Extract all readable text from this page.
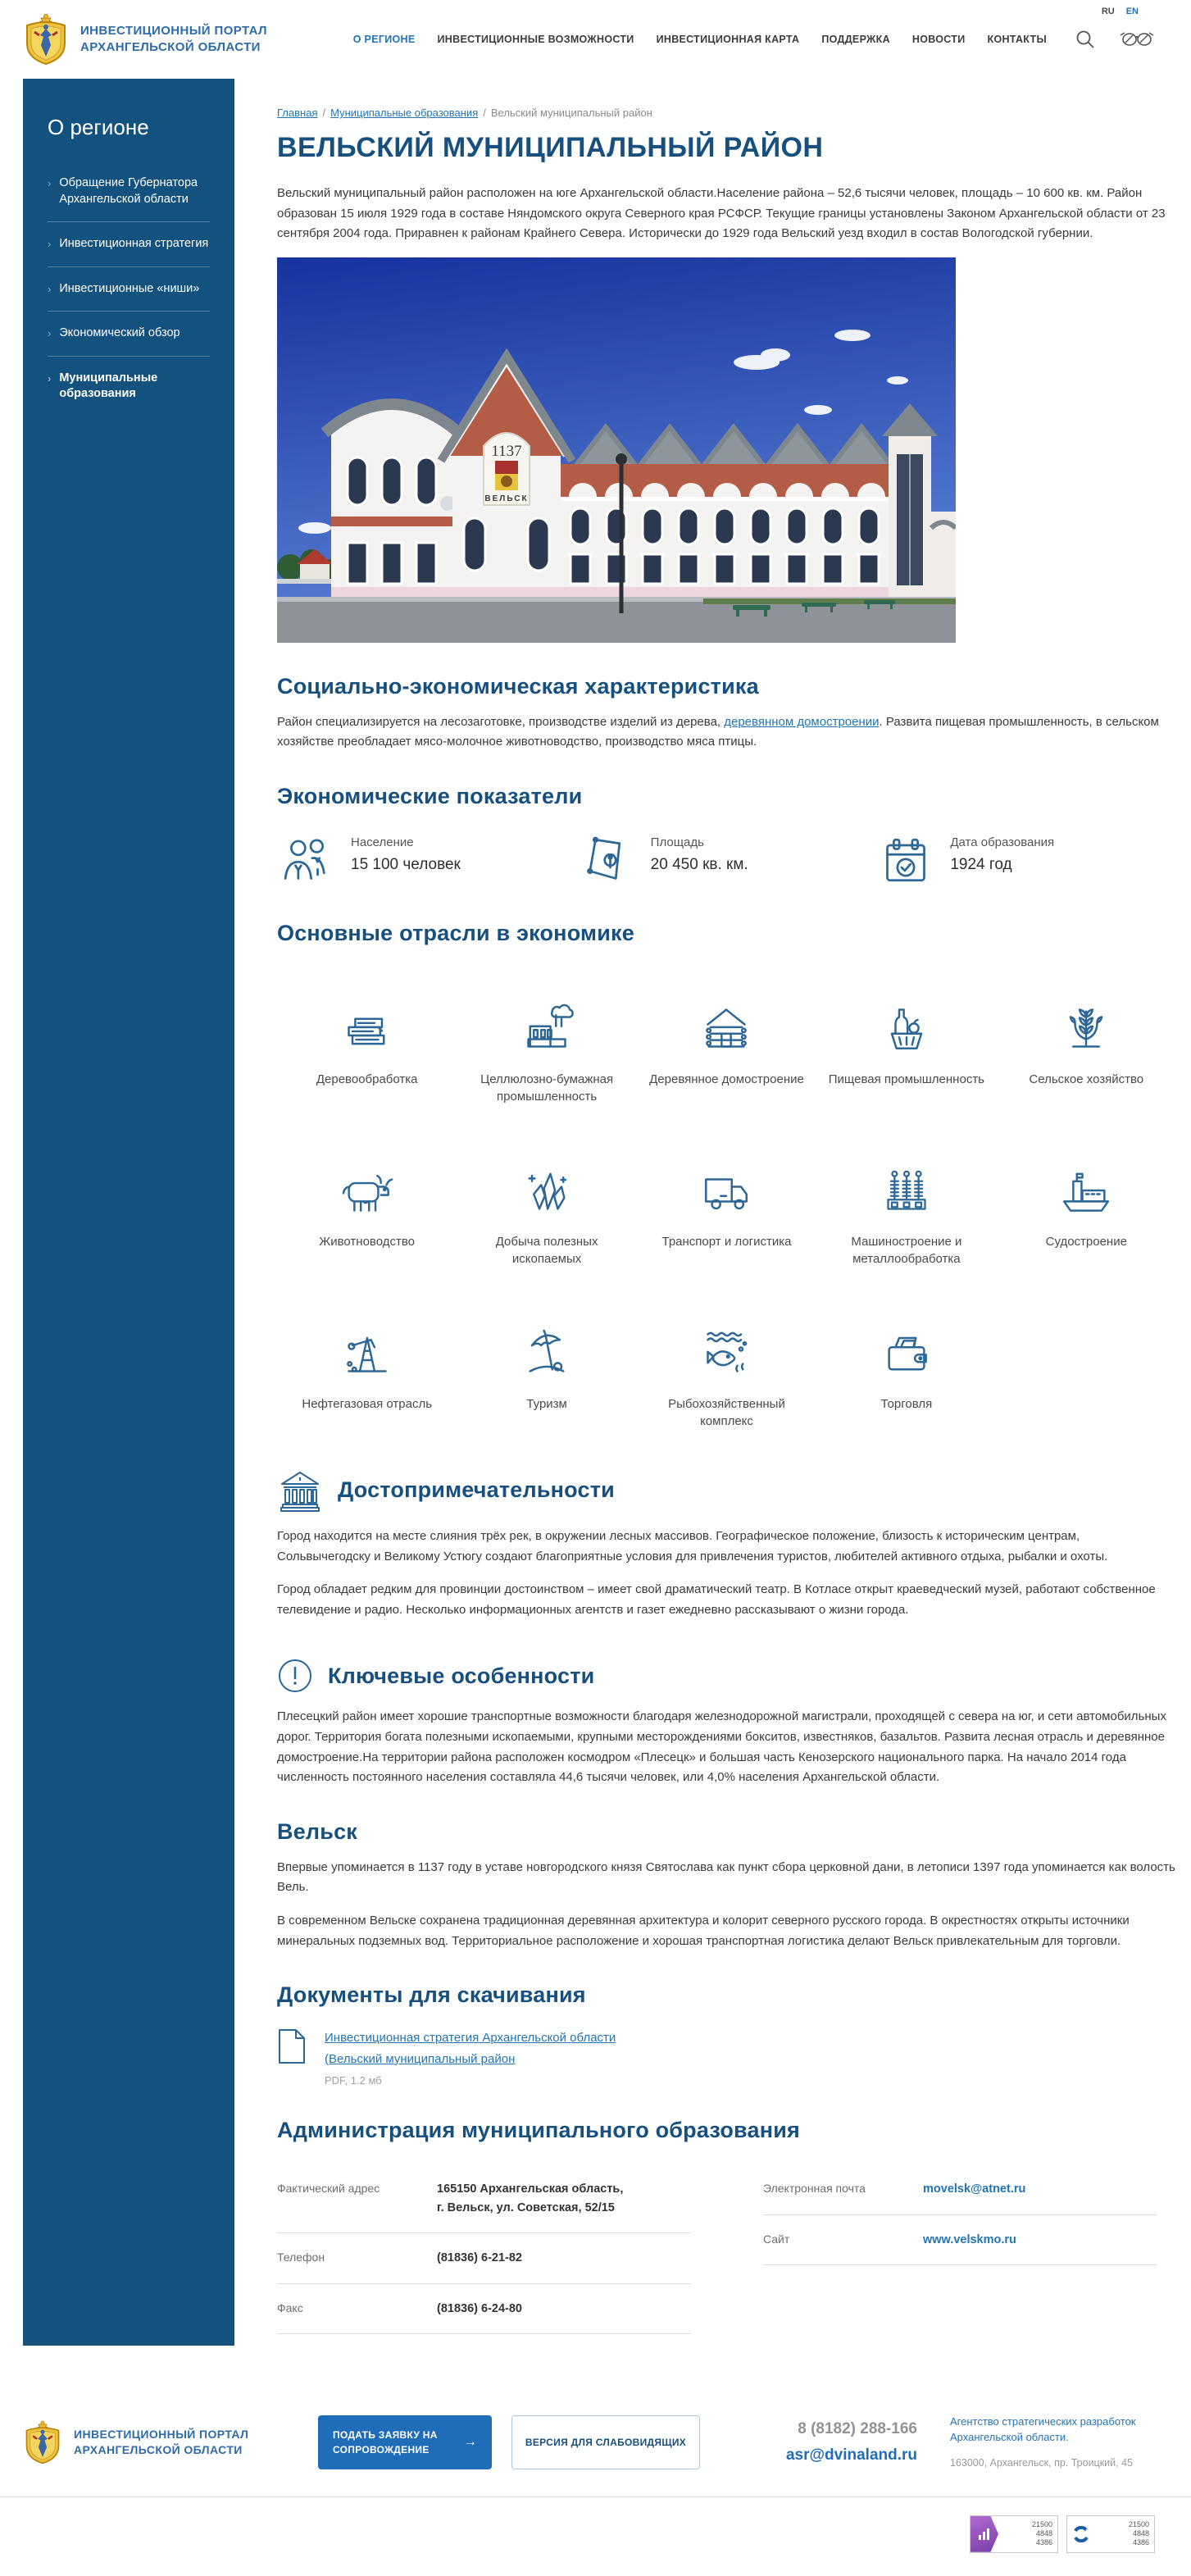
ИНВЕСТИЦИОННЫЙ ПОРТАЛ
АРХАНГЕЛЬСКОЙ ОБЛАСТИ
RU EN
О РЕГИОНЕ ИНВЕСТИЦИОННЫЕ ВОЗМОЖНОСТИ ИНВЕСТИЦИОННАЯ КАРТА ПОДДЕРЖКА НОВОСТИ КОНТАКТЫ
О регионе
› Обращение Губернатора Архангельской области
› Инвестиционная стратегия
› Инвестиционные «ниши»
› Экономический обзор
› Муниципальные образования
Главная / Муниципальные образования / Вельский муниципальный район
ВЕЛЬСКИЙ МУНИЦИПАЛЬНЫЙ РАЙОН

Вельский муниципальный район расположен на юге Архангельской области.Население района – 52,6 тысячи человек, площадь – 10 600 кв. км. Район образован 15 июля 1929 года в составе Няндомского округа Северного края РСФСР. Текущие границы установлены Законом Архангельской области от 23 сентября 2004 года. Приравнен к районам Крайнего Севера. Исторически до 1929 года Вельский уезд входил в состав Вологодской губернии.

1137
ВЕЛЬСК
Социально-экономическая характеристика

Район специализируется на лесозаготовке, производстве изделий из дерева, деревянном домостроении. Развита пищевая промышленность, в сельском хозяйстве преобладает мясо-молочное животноводство, производство мяса птицы.

Экономические показатели
Население
15 100 человек
Площадь
20 450 кв. км.
Дата образования
1924 год
Основные отрасли в экономике
Деревообработка	Целлюлозно-бумажная промышленность
Деревянное домостроение	Пищевая промышленность	Сельское хозяйство
Животноводство	Добыча полезных ископаемых
Транспорт и логистика	Машиностроение и металлообработка
Судостроение
Нефтегазовая отрасль	Туризм	Рыбохозяйственный комплекс
Торговля
Достопримечательности

Город находится на месте слияния трёх рек, в окружении лесных массивов. Географическое положение, близость к историческим центрам, Сольвычегодску и Великому Устюгу создают благоприятные условия для привлечения туристов, любителей активного отдыха, рыбалки и охоты.

Город обладает редким для провинции достоинством – имеет свой драматический театр. В Котласе открыт краеведческий музей, работают собственное телевидение и радио. Несколько информационных агентств и газет ежедневно рассказывают о жизни города.

Ключевые особенности

Плесецкий район имеет хорошие транспортные возможности благодаря железнодорожной магистрали, проходящей с севера на юг, и сети автомобильных дорог. Территория богата полезными ископаемыми, крупными месторождениями бокситов, известняков, базальтов. Развита лесная отрасль и деревянное домостроение.На территории района расположен космодром «Плесецк» и большая часть Кенозерского национального парка. На начало 2014 года численность постоянного населения составляла 44,6 тысячи человек, или 4,0% населения Архангельской области.

Вельск

Впервые упоминается в 1137 году в уставе новгородского князя Святослава как пункт сбора церковной дани, в летописи 1397 года упоминается как волость Вель.

В современном Вельске сохранена традиционная деревянная архитектура и колорит северного русского города. В окрестностях открыты источники минеральных подземных вод. Территориальное расположение и хорошая транспортная логистика делают Вельск привлекательным для торговли.

Документы для скачивания
Инвестиционная стратегия Архангельской области (Вельский муниципальный район
PDF, 1.2 мб
Администрация муниципального образования
Фактический адрес	165150 Архангельская область,
г. Вельск, ул. Советская, 52/15
Телефон	(81836) 6-21-82
Факс	(81836) 6-24-80
Электронная почта	movelsk@atnet.ru
Сайт	www.velskmo.ru
ИНВЕСТИЦИОННЫЙ ПОРТАЛ
АРХАНГЕЛЬСКОЙ ОБЛАСТИ
ПОДАТЬ ЗАЯВКУ НА СОПРОВОЖДЕНИЕ
→	ВЕРСИЯ ДЛЯ СЛАБОВИДЯЩИХ
8 (8182) 288-166
asr@dvinaland.ru
Агентство стратегических разработок
Архангельской области.
163000, Архангельск, пр. Троицкий, 45
21500
4848
4386
21500
4848
4386
